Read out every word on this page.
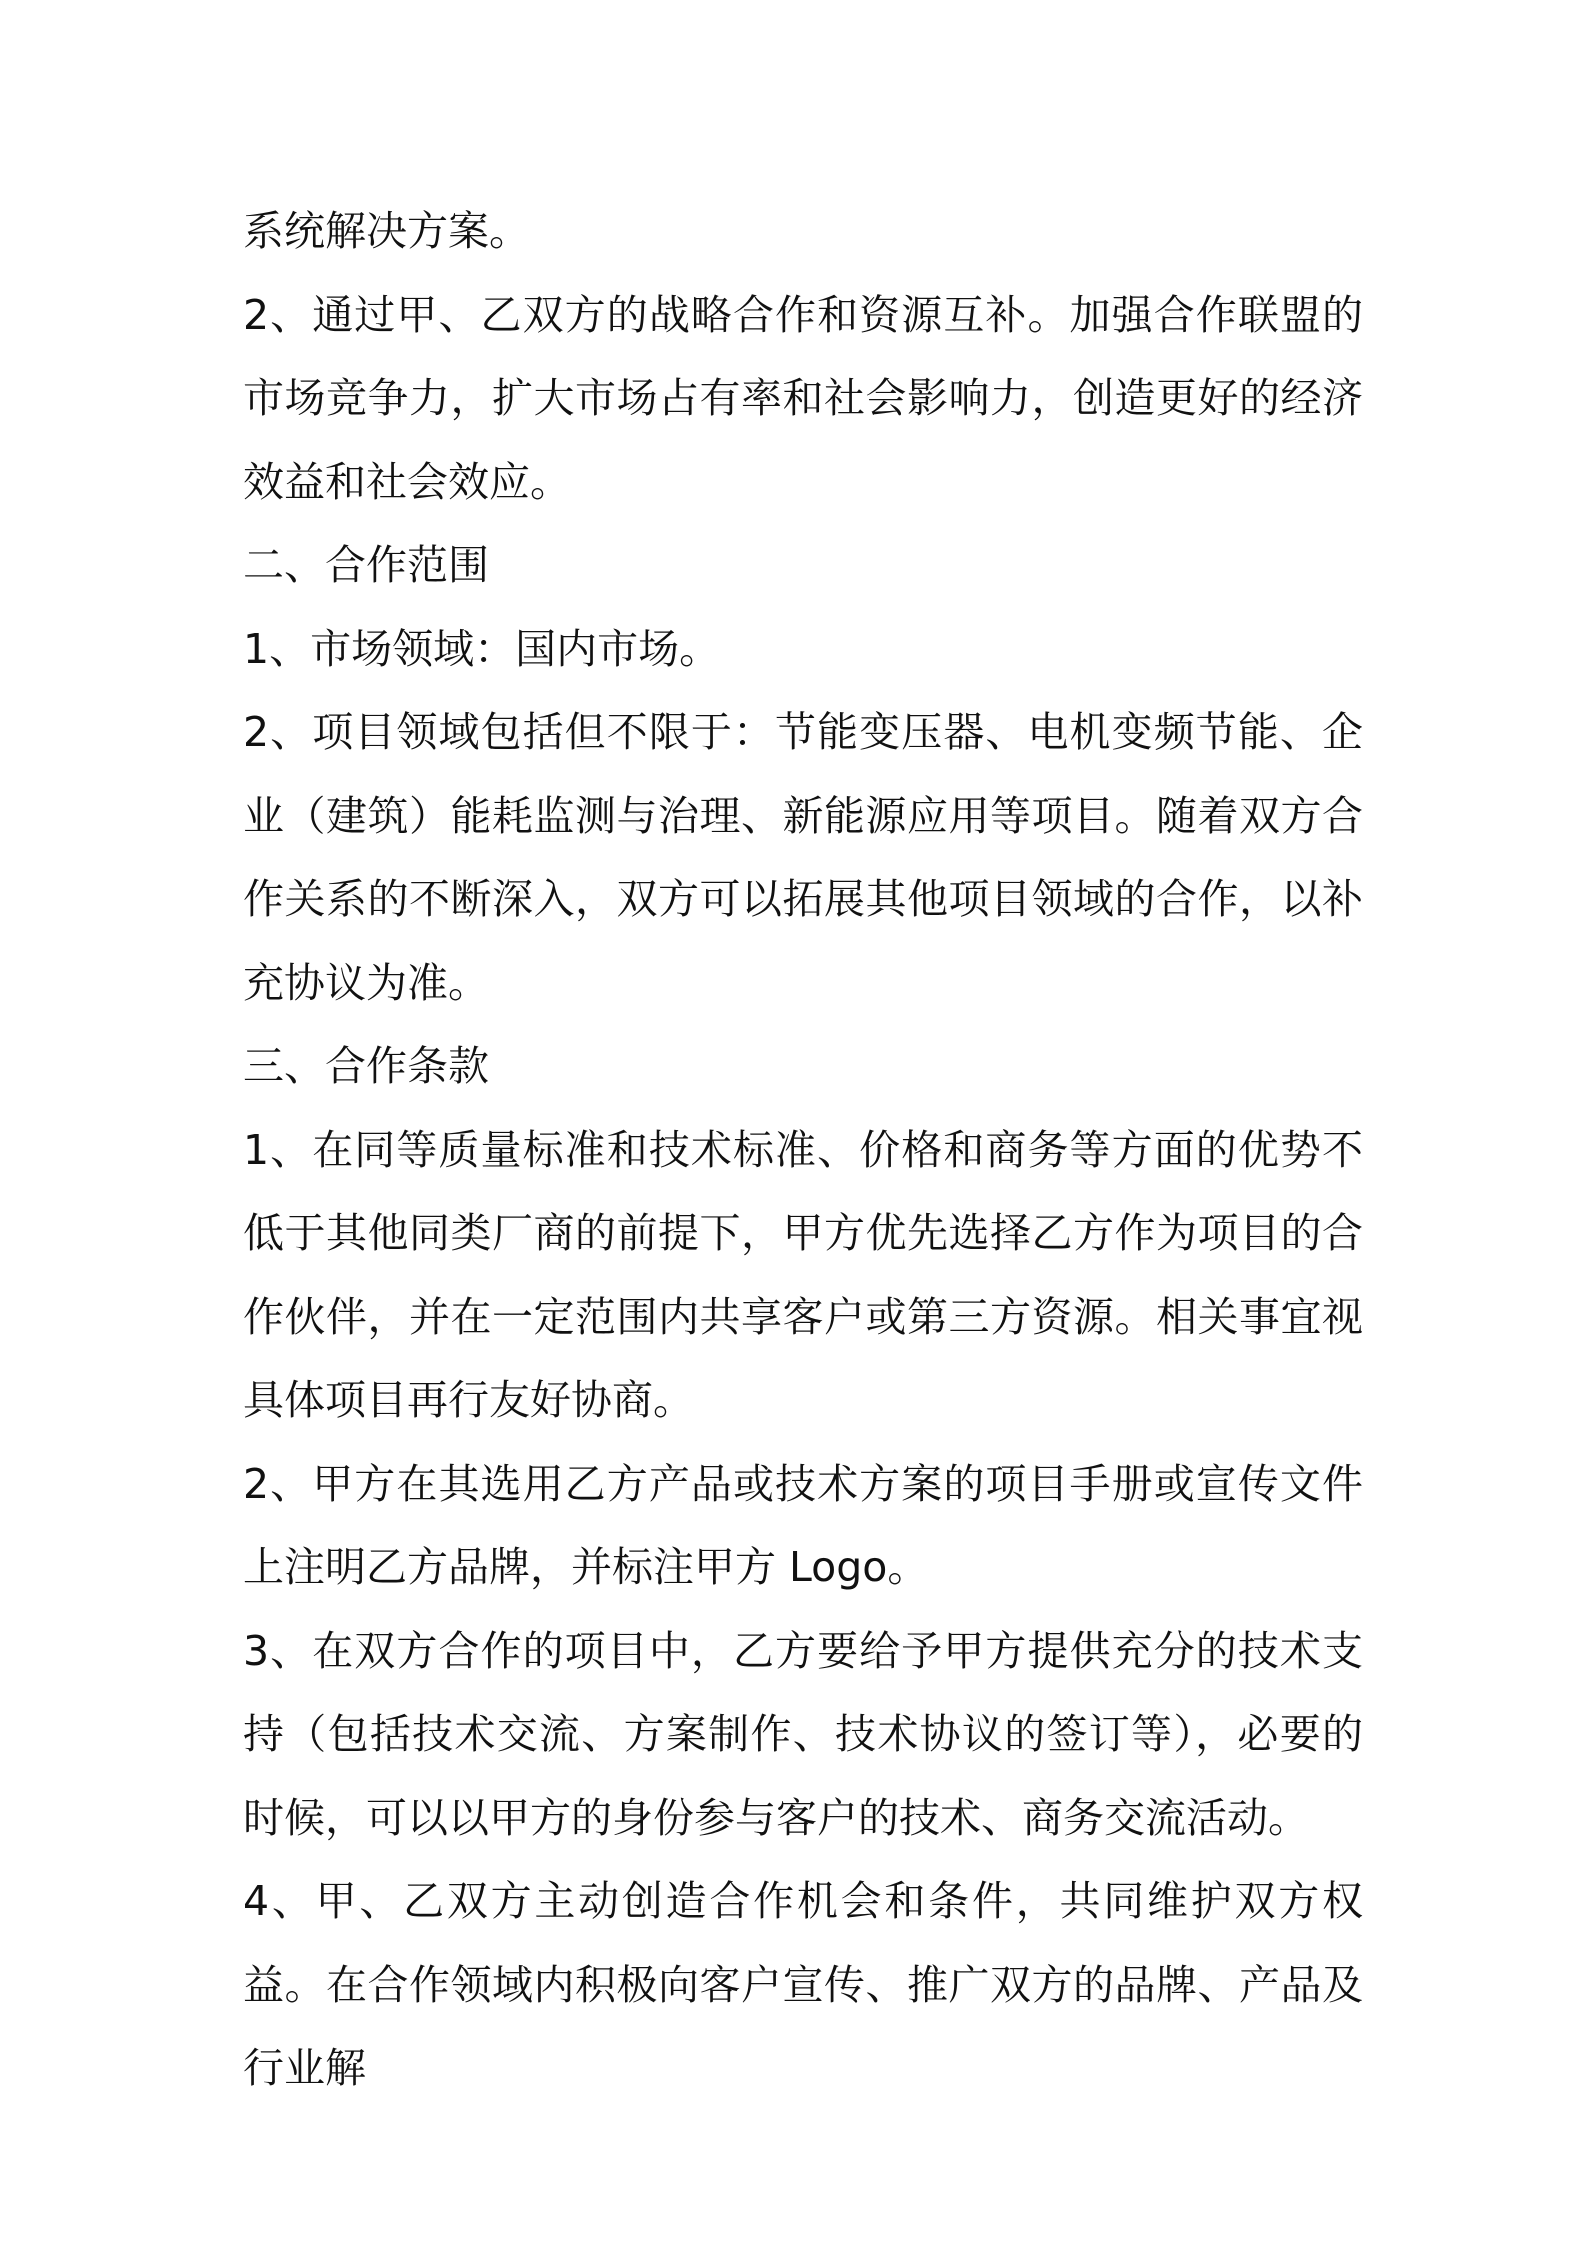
系统解决方案。

2、通过甲、乙双方的战略合作和资源互补。加强合作联盟的市场竞争力，扩大市场占有率和社会影响力，创造更好的经济效益和社会效应。

二、合作范围

1、市场领域：国内市场。

2、项目领域包括但不限于：节能变压器、电机变频节能、企业（建筑）能耗监测与治理、新能源应用等项目。随着双方合作关系的不断深入，双方可以拓展其他项目领域的合作，以补充协议为准。

三、合作条款

1、在同等质量标准和技术标准、价格和商务等方面的优势不低于其他同类厂商的前提下，甲方优先选择乙方作为项目的合作伙伴，并在一定范围内共享客户或第三方资源。相关事宜视具体项目再行友好协商。

2、甲方在其选用乙方产品或技术方案的项目手册或宣传文件上注明乙方品牌，并标注甲方 Logo。

3、在双方合作的项目中，乙方要给予甲方提供充分的技术支持（包括技术交流、方案制作、技术协议的签订等），必要的时候，可以以甲方的身份参与客户的技术、商务交流活动。

4、甲、乙双方主动创造合作机会和条件，共同维护双方权益。在合作领域内积极向客户宣传、推广双方的品牌、产品及行业解
